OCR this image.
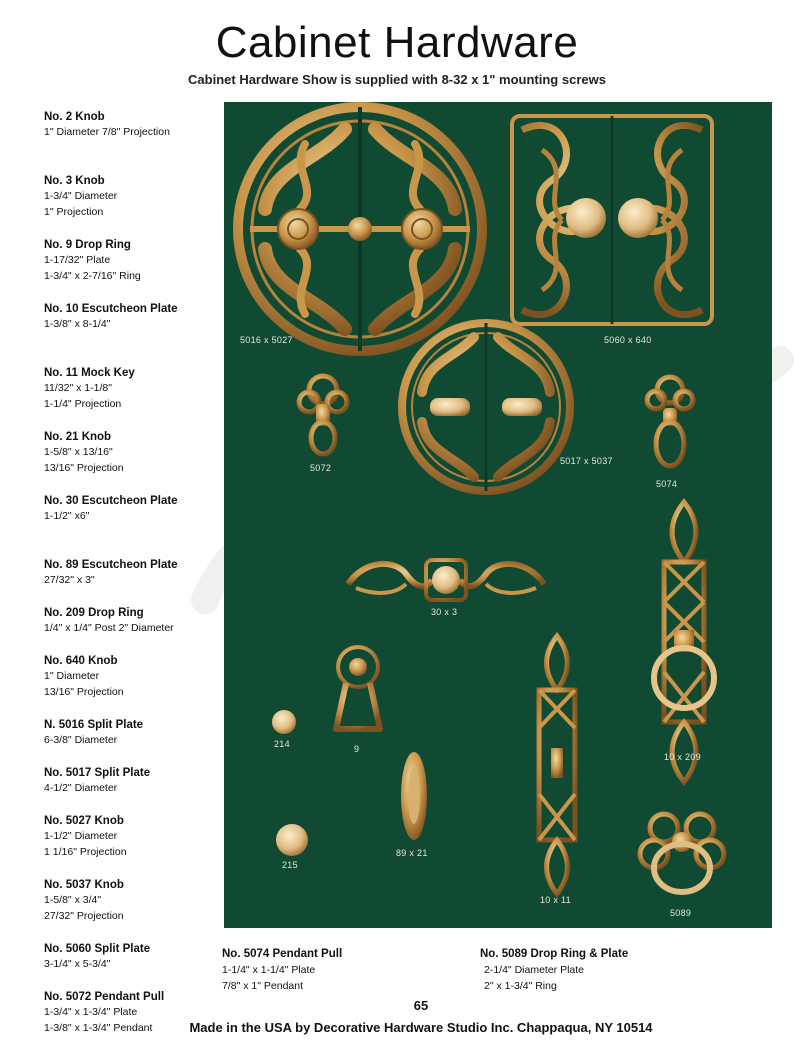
Cabinet Hardware
Cabinet Hardware Show is supplied with 8-32 x 1" mounting screws
No. 2 Knob
1" Diameter 7/8" Projection
No. 3 Knob
1-3/4" Diameter
1" Projection
No. 9 Drop Ring
1-17/32" Plate
1-3/4" x 2-7/16" Ring
No. 10 Escutcheon Plate
1-3/8" x 8-1/4"
No. 11 Mock Key
11/32" x 1-1/8"
1-1/4" Projection
No. 21 Knob
1-5/8" x 13/16"
13/16" Projection
No. 30 Escutcheon Plate
1-1/2" x6"
No. 89 Escutcheon Plate
27/32" x 3"
No. 209 Drop Ring
1/4" x 1/4" Post 2" Diameter
No. 640 Knob
1" Diameter
13/16" Projection
N. 5016 Split Plate
6-3/8" Diameter
No. 5017 Split Plate
4-1/2" Diameter
No. 5027 Knob
1-1/2" Diameter
1 1/16" Projection
No. 5037 Knob
1-5/8" x 3/4"
27/32" Projection
No. 5060 Split Plate
3-1/4" x 5-3/4"
No. 5072 Pendant Pull
1-3/4" x 1-3/4" Plate
1-3/8" x 1-3/4" Pendant
No. 5074 Pendant Pull
1-1/4" x 1-1/4" Plate
7/8" x 1" Pendant
No. 5089 Drop Ring & Plate
2-1/4" Diameter Plate
2" x 1-3/4" Ring
5016 x 5027	5060 x 640
5072
5017 x 5037
5074
30 x 3
214	9
89 x 21
215
10 x 11
10 x 209
5089
65
Made in the USA by Decorative Hardware Studio Inc. Chappaqua, NY 10514
